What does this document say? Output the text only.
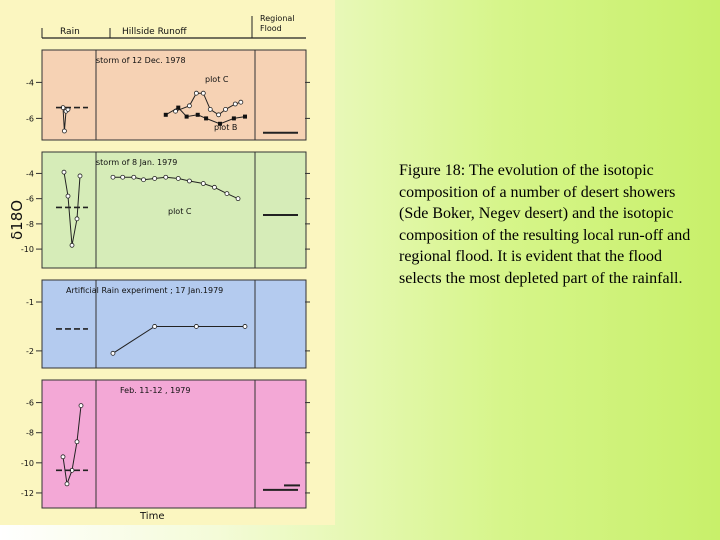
Rain	Hillside Runoff
Regional Flood
storm of 12 Dec. 1978
-4
-6
plot C
plot B
storm of 8 Jan. 1979
-4
-6
-8
-10
plot C
Artificial Rain experiment ; 17 Jan.1979
-1
-2
Feb. 11-12 , 1979
-6
-8
-10
-12
δ18O
Time
Figure 18: The evolution of the isotopic composition of a number of desert showers (Sde Boker, Negev desert) and the isotopic composition of the resulting local run-off and regional flood. It is evident that the flood selects the most depleted part of the rainfall.
